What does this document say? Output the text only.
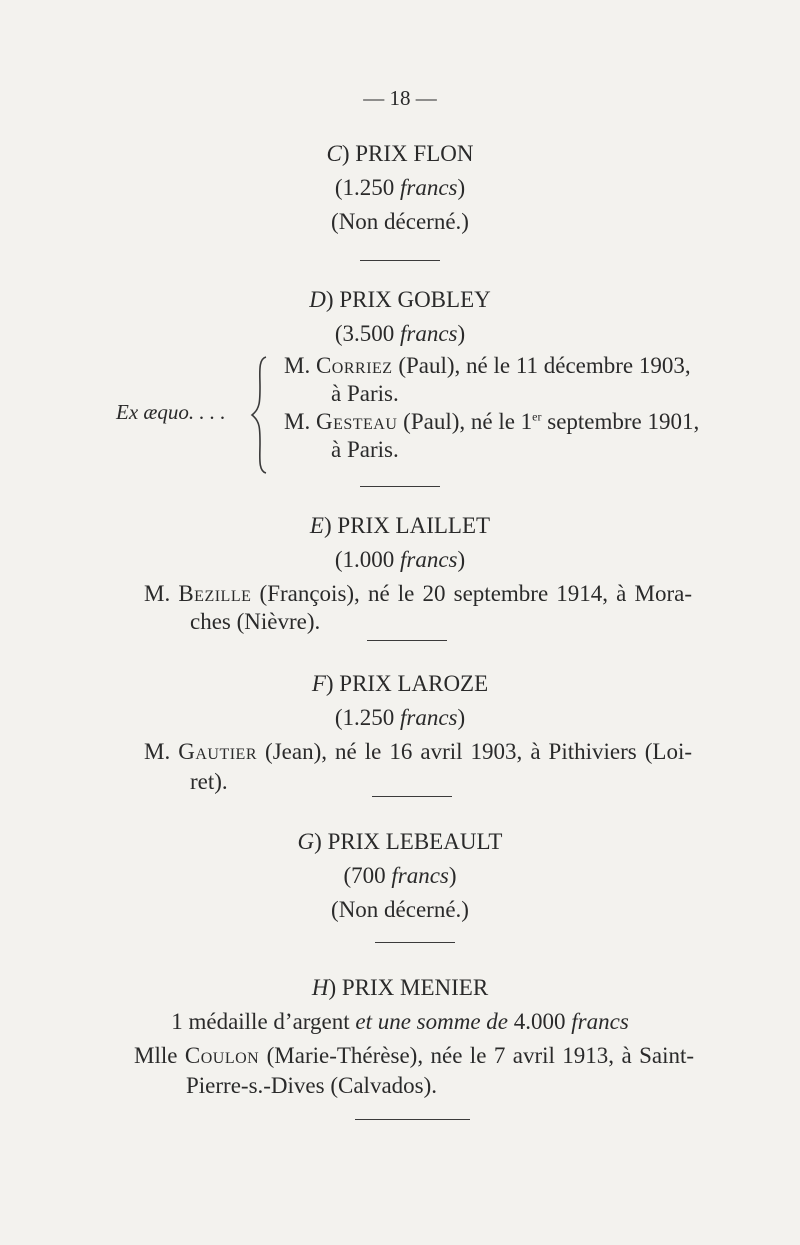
— 18 —
C) PRIX FLON
(1.250 francs)
(Non décerné.)
D) PRIX GOBLEY
(3.500 francs)
Ex æquo. . . .
M. Corriez (Paul), né le 11 décembre 1903,
à Paris.
M. Gesteau (Paul), né le 1er septembre 1901,
à Paris.
E) PRIX LAILLET
(1.000 francs)
M. Bezille (François), né le 20 septembre 1914, à Mora-
ches (Nièvre).
F) PRIX LAROZE
(1.250 francs)
M. Gautier (Jean), né le 16 avril 1903, à Pithiviers (Loi-
ret).
G) PRIX LEBEAULT
(700 francs)
(Non décerné.)
H) PRIX MENIER
1 médaille d’argent et une somme de 4.000 francs
Mlle Coulon (Marie-Thérèse), née le 7 avril 1913, à Saint-
Pierre-s.-Dives (Calvados).
